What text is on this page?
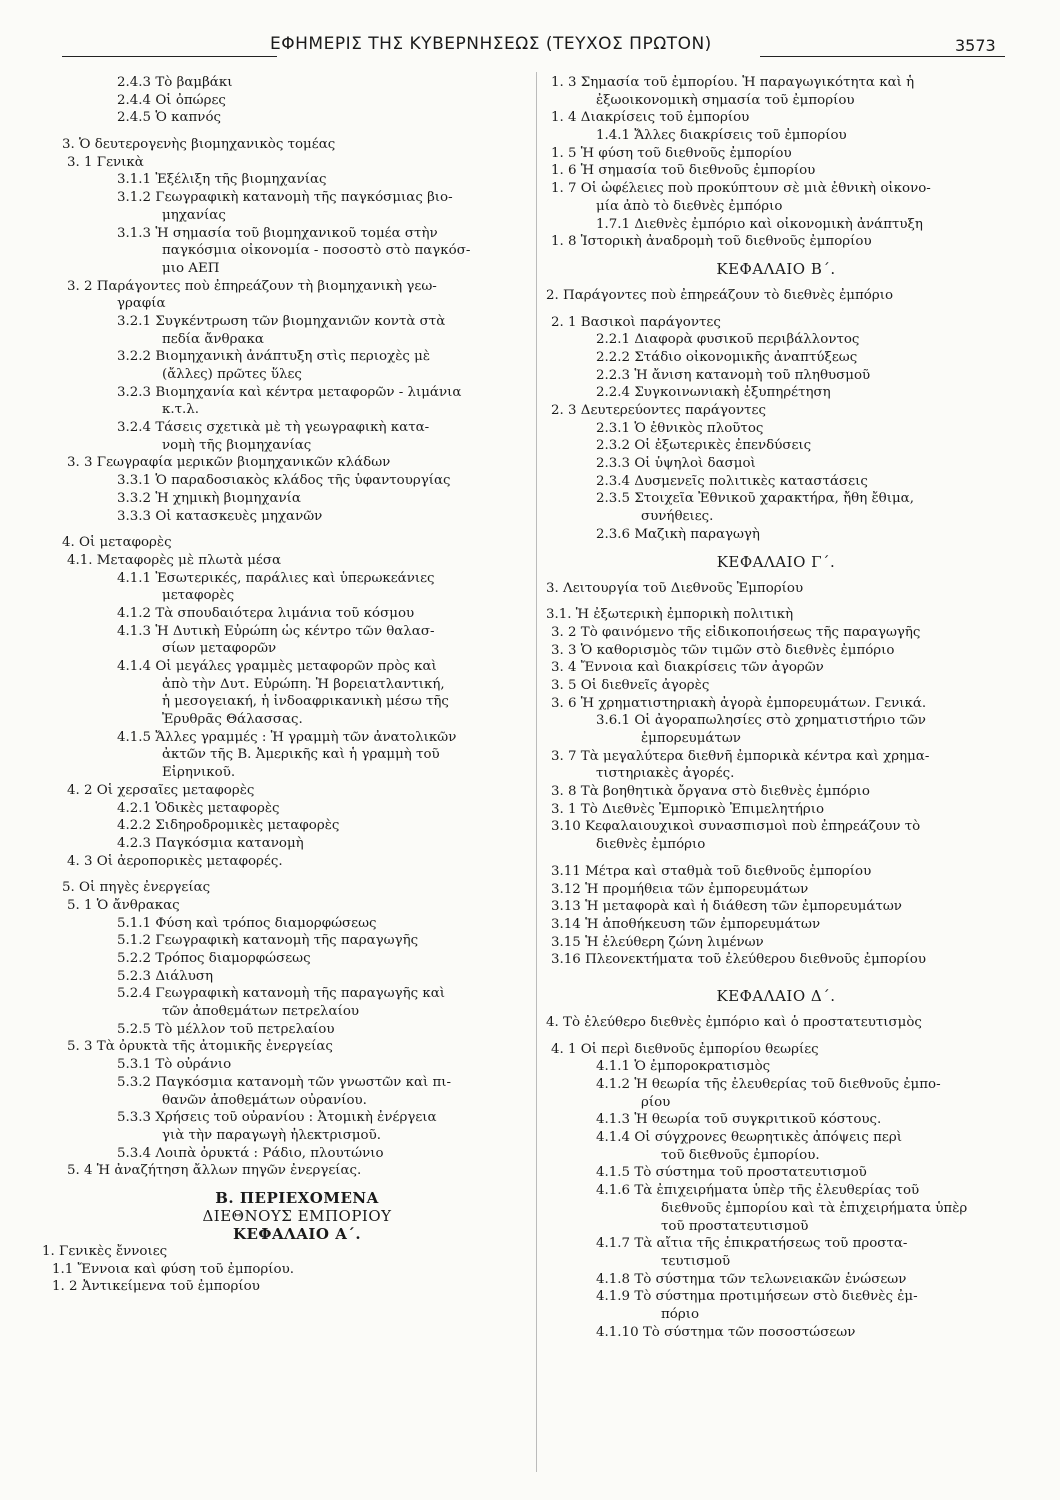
ΕΦΗΜΕΡΙΣ ΤΗΣ ΚΥΒΕΡΝΗΣΕΩΣ (ΤΕΥΧΟΣ ΠΡΩΤΟΝ)	3573
2.4.3 Τὸ βαμβάκι
2.4.4 Οἱ ὀπώρες
2.4.5 Ὁ καπνός
3. Ὁ δευτερογενὴς βιομηχανικὸς τομέας
3. 1 Γενικὰ
3.1.1 Ἐξέλιξη τῆς βιομηχανίας
3.1.2 Γεωγραφικὴ κατανομὴ τῆς παγκόσμιας βιο-
μηχανίας
3.1.3 Ἡ σημασία τοῦ βιομηχανικοῦ τομέα στὴν
παγκόσμια οἰκονομία - ποσοστὸ στὸ παγκόσ-
μιο ΑΕΠ
3. 2 Παράγοντες ποὺ ἐπηρεάζουν τὴ βιομηχανικὴ γεω-
γραφία
3.2.1 Συγκέντρωση τῶν βιομηχανιῶν κοντὰ στὰ
πεδία ἄνθρακα
3.2.2 Βιομηχανικὴ ἀνάπτυξη στὶς περιοχὲς μὲ
(ἄλλες) πρῶτες ὕλες
3.2.3 Βιομηχανία καὶ κέντρα μεταφορῶν - λιμάνια
κ.τ.λ.
3.2.4 Τάσεις σχετικὰ μὲ τὴ γεωγραφικὴ κατα-
νομὴ τῆς βιομηχανίας
3. 3 Γεωγραφία μερικῶν βιομηχανικῶν κλάδων
3.3.1 Ὁ παραδοσιακὸς κλάδος τῆς ὑφαντουργίας
3.3.2 Ἡ χημικὴ βιομηχανία
3.3.3 Οἱ κατασκευὲς μηχανῶν
4. Οἱ μεταφορὲς
4.1. Μεταφορὲς μὲ πλωτὰ μέσα
4.1.1 Ἐσωτερικές, παράλιες καὶ ὑπερωκεάνιες
μεταφορὲς
4.1.2 Τὰ σπουδαιότερα λιμάνια τοῦ κόσμου
4.1.3 Ἡ Δυτικὴ Εὐρώπη ὡς κέντρο τῶν θαλασ-
σίων μεταφορῶν
4.1.4 Οἱ μεγάλες γραμμὲς μεταφορῶν πρὸς καὶ
ἀπὸ τὴν Δυτ. Εὐρώπη. Ἡ βορειατλαντική,
ἡ μεσογειακή, ἡ ἰνδοαφρικανικὴ μέσω τῆς
Ἐρυθρᾶς Θάλασσας.
4.1.5 Ἄλλες γραμμές : Ἡ γραμμὴ τῶν ἀνατολικῶν
ἀκτῶν τῆς Β. Ἀμερικῆς καὶ ἡ γραμμὴ τοῦ
Εἰρηνικοῦ.
4. 2 Οἱ χερσαῖες μεταφορὲς
4.2.1 Ὁδικὲς μεταφορὲς
4.2.2 Σιδηροδρομικὲς μεταφορὲς
4.2.3 Παγκόσμια κατανομὴ
4. 3 Οἱ ἀεροπορικὲς μεταφορές.
5. Οἱ πηγὲς ἐνεργείας
5. 1 Ὁ ἄνθρακας
5.1.1 Φύση καὶ τρόπος διαμορφώσεως
5.1.2 Γεωγραφικὴ κατανομὴ τῆς παραγωγῆς
5.2.2 Τρόπος διαμορφώσεως
5.2.3 Διάλυση
5.2.4 Γεωγραφικὴ κατανομὴ τῆς παραγωγῆς καὶ
τῶν ἀποθεμάτων πετρελαίου
5.2.5 Τὸ μέλλον τοῦ πετρελαίου
5. 3 Τὰ ὀρυκτὰ τῆς ἀτομικῆς ἐνεργείας
5.3.1 Τὸ οὐράνιο
5.3.2 Παγκόσμια κατανομὴ τῶν γνωστῶν καὶ πι-
θανῶν ἀποθεμάτων οὐρανίου.
5.3.3 Χρήσεις τοῦ οὐρανίου : Ἀτομικὴ ἐνέργεια
γιὰ τὴν παραγωγὴ ἠλεκτρισμοῦ.
5.3.4 Λοιπὰ ὀρυκτά : Ράδιο, πλουτώνιο
5. 4 Ἡ ἀναζήτηση ἄλλων πηγῶν ἐνεργείας.
Β. ΠΕΡΙΕΧΟΜΕΝΑ
ΔΙΕΘΝΟΥΣ ΕΜΠΟΡΙΟΥ
ΚΕΦΑΛΑΙΟ Α΄.
1. Γενικὲς ἔννοιες
1.1 Ἔννοια καὶ φύση τοῦ ἐμπορίου.
1. 2 Ἀντικείμενα τοῦ ἐμπορίου
1. 3 Σημασία τοῦ ἐμπορίου. Ἡ παραγωγικότητα καὶ ἡ
ἐξωοικονομικὴ σημασία τοῦ ἐμπορίου
1. 4 Διακρίσεις τοῦ ἐμπορίου
1.4.1 Ἄλλες διακρίσεις τοῦ ἐμπορίου
1. 5 Ἡ φύση τοῦ διεθνοῦς ἐμπορίου
1. 6 Ἡ σημασία τοῦ διεθνοῦς ἐμπορίου
1. 7 Οἱ ὠφέλειες ποὺ προκύπτουν σὲ μιὰ ἐθνικὴ οἰκονο-
μία ἀπὸ τὸ διεθνὲς ἐμπόριο
1.7.1 Διεθνὲς ἐμπόριο καὶ οἰκονομικὴ ἀνάπτυξη
1. 8 Ἱστορικὴ ἀναδρομὴ τοῦ διεθνοῦς ἐμπορίου
ΚΕΦΑΛΑΙΟ Β΄.
2. Παράγοντες ποὺ ἐπηρεάζουν τὸ διεθνὲς ἐμπόριο
2. 1 Βασικοὶ παράγοντες
2.2.1 Διαφορὰ φυσικοῦ περιβάλλοντος
2.2.2 Στάδιο οἰκονομικῆς ἀναπτύξεως
2.2.3 Ἡ ἄνιση κατανομὴ τοῦ πληθυσμοῦ
2.2.4 Συγκοινωνιακὴ ἐξυπηρέτηση
2. 3 Δευτερεύοντες παράγοντες
2.3.1 Ὁ ἐθνικὸς πλοῦτος
2.3.2 Οἱ ἐξωτερικὲς ἐπενδύσεις
2.3.3 Οἱ ὑψηλοὶ δασμοὶ
2.3.4 Δυσμενεῖς πολιτικὲς καταστάσεις
2.3.5 Στοιχεῖα Ἐθνικοῦ χαρακτήρα, ἤθη ἔθιμα,
συνήθειες.
2.3.6 Μαζικὴ παραγωγὴ
ΚΕΦΑΛΑΙΟ Γ΄.
3. Λειτουργία τοῦ Διεθνοῦς Ἐμπορίου
3.1. Ἡ ἐξωτερικὴ ἐμπορικὴ πολιτικὴ
3. 2 Τὸ φαινόμενο τῆς εἰδικοποιήσεως τῆς παραγωγῆς
3. 3 Ὁ καθορισμὸς τῶν τιμῶν στὸ διεθνὲς ἐμπόριο
3. 4 Ἔννοια καὶ διακρίσεις τῶν ἀγορῶν
3. 5 Οἱ διεθνεῖς ἀγορὲς
3. 6 Ἡ χρηματιστηριακὴ ἀγορὰ ἐμπορευμάτων. Γενικά.
3.6.1 Οἱ ἀγοραπωλησίες στὸ χρηματιστήριο τῶν
ἐμπορευμάτων
3. 7 Τὰ μεγαλύτερα διεθνῆ ἐμπορικὰ κέντρα καὶ χρημα-
τιστηριακὲς ἀγορές.
3. 8 Τὰ βοηθητικὰ ὄργανα στὸ διεθνὲς ἐμπόριο
3. 1 Τὸ Διεθνὲς Ἐμπορικὸ Ἐπιμελητήριο
3.10 Κεφαλαιουχικοὶ συνασπισμοὶ ποὺ ἐπηρεάζουν τὸ
διεθνὲς ἐμπόριο
3.11 Μέτρα καὶ σταθμὰ τοῦ διεθνοῦς ἐμπορίου
3.12 Ἡ προμήθεια τῶν ἐμπορευμάτων
3.13 Ἡ μεταφορὰ καὶ ἡ διάθεση τῶν ἐμπορευμάτων
3.14 Ἡ ἀποθήκευση τῶν ἐμπορευμάτων
3.15 Ἡ ἐλεύθερη ζώνη λιμένων
3.16 Πλεονεκτήματα τοῦ ἐλεύθερου διεθνοῦς ἐμπορίου
ΚΕΦΑΛΑΙΟ Δ΄.
4. Τὸ ἐλεύθερο διεθνὲς ἐμπόριο καὶ ὁ προστατευτισμὸς
4. 1 Οἱ περὶ διεθνοῦς ἐμπορίου θεωρίες
4.1.1 Ὁ ἐμποροκρατισμὸς
4.1.2 Ἡ θεωρία τῆς ἐλευθερίας τοῦ διεθνοῦς ἐμπο-
ρίου
4.1.3 Ἡ θεωρία τοῦ συγκριτικοῦ κόστους.
4.1.4 Οἱ σύγχρονες θεωρητικὲς ἀπόψεις περὶ
τοῦ διεθνοῦς ἐμπορίου.
4.1.5 Τὸ σύστημα τοῦ προστατευτισμοῦ
4.1.6 Τὰ ἐπιχειρήματα ὑπὲρ τῆς ἐλευθερίας τοῦ
διεθνοῦς ἐμπορίου καὶ τὰ ἐπιχειρήματα ὑπὲρ
τοῦ προστατευτισμοῦ
4.1.7 Τὰ αἴτια τῆς ἐπικρατήσεως τοῦ προστα-
τευτισμοῦ
4.1.8 Τὸ σύστημα τῶν τελωνειακῶν ἑνώσεων
4.1.9 Τὸ σύστημα προτιμήσεων στὸ διεθνὲς ἐμ-
πόριο
4.1.10 Τὸ σύστημα τῶν ποσοστώσεων
